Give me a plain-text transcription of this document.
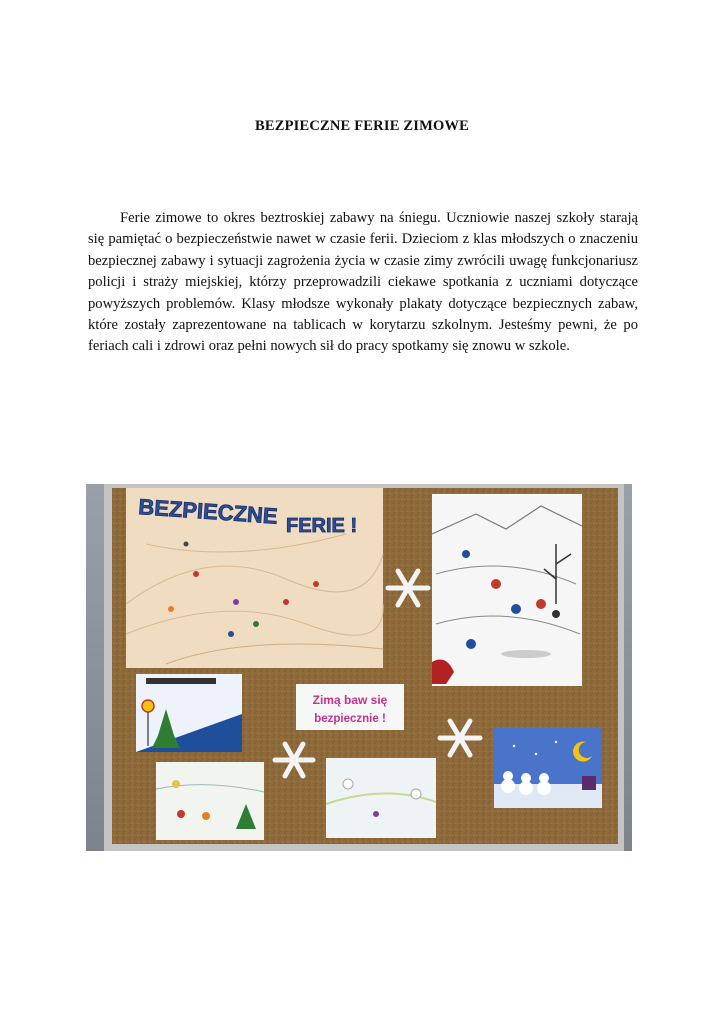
BEZPIECZNE FERIE ZIMOWE

Ferie zimowe to okres beztroskiej zabawy na śniegu. Uczniowie naszej szkoły starają się pamiętać o bezpieczeństwie nawet w czasie ferii. Dzieciom z klas młodszych o znaczeniu bezpiecznej zabawy i sytuacji zagrożenia życia w czasie zimy zwrócili uwagę funkcjonariusz policji i straży miejskiej, którzy przeprowadzili ciekawe spotkania z uczniami dotyczące powyższych problemów. Klasy młodsze wykonały plakaty dotyczące bezpiecznych zabaw, które zostały zaprezentowane na tablicach w korytarzu szkolnym. Jesteśmy pewni, że po feriach cali i zdrowi oraz pełni nowych sił do pracy spotkamy się znowu w szkole.

BEZPIECZNE FERIE !
Zimą baw się
bezpiecznie !
